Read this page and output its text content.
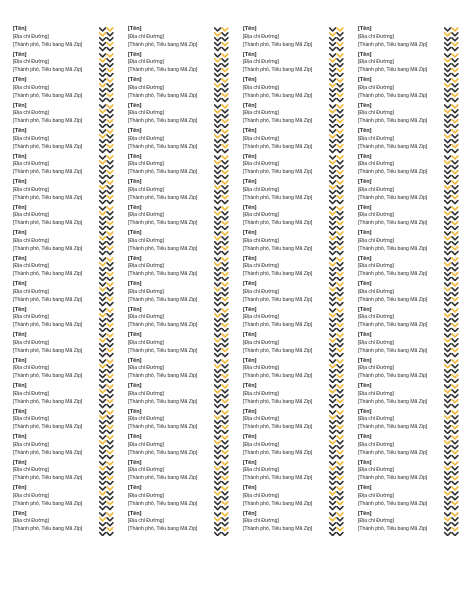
[Tên]
[Địa chỉ Đường]
[Thành phố, Tiểu bang Mã Zip]
[Tên]
[Địa chỉ Đường]
[Thành phố, Tiểu bang Mã Zip]
[Tên]
[Địa chỉ Đường]
[Thành phố, Tiểu bang Mã Zip]
[Tên]
[Địa chỉ Đường]
[Thành phố, Tiểu bang Mã Zip]
[Tên]
[Địa chỉ Đường]
[Thành phố, Tiểu bang Mã Zip]
[Tên]
[Địa chỉ Đường]
[Thành phố, Tiểu bang Mã Zip]
[Tên]
[Địa chỉ Đường]
[Thành phố, Tiểu bang Mã Zip]
[Tên]
[Địa chỉ Đường]
[Thành phố, Tiểu bang Mã Zip]
[Tên]
[Địa chỉ Đường]
[Thành phố, Tiểu bang Mã Zip]
[Tên]
[Địa chỉ Đường]
[Thành phố, Tiểu bang Mã Zip]
[Tên]
[Địa chỉ Đường]
[Thành phố, Tiểu bang Mã Zip]
[Tên]
[Địa chỉ Đường]
[Thành phố, Tiểu bang Mã Zip]
[Tên]
[Địa chỉ Đường]
[Thành phố, Tiểu bang Mã Zip]
[Tên]
[Địa chỉ Đường]
[Thành phố, Tiểu bang Mã Zip]
[Tên]
[Địa chỉ Đường]
[Thành phố, Tiểu bang Mã Zip]
[Tên]
[Địa chỉ Đường]
[Thành phố, Tiểu bang Mã Zip]
[Tên]
[Địa chỉ Đường]
[Thành phố, Tiểu bang Mã Zip]
[Tên]
[Địa chỉ Đường]
[Thành phố, Tiểu bang Mã Zip]
[Tên]
[Địa chỉ Đường]
[Thành phố, Tiểu bang Mã Zip]
[Tên]
[Địa chỉ Đường]
[Thành phố, Tiểu bang Mã Zip]
[Tên]
[Địa chỉ Đường]
[Thành phố, Tiểu bang Mã Zip]
[Tên]
[Địa chỉ Đường]
[Thành phố, Tiểu bang Mã Zip]
[Tên]
[Địa chỉ Đường]
[Thành phố, Tiểu bang Mã Zip]
[Tên]
[Địa chỉ Đường]
[Thành phố, Tiểu bang Mã Zip]
[Tên]
[Địa chỉ Đường]
[Thành phố, Tiểu bang Mã Zip]
[Tên]
[Địa chỉ Đường]
[Thành phố, Tiểu bang Mã Zip]
[Tên]
[Địa chỉ Đường]
[Thành phố, Tiểu bang Mã Zip]
[Tên]
[Địa chỉ Đường]
[Thành phố, Tiểu bang Mã Zip]
[Tên]
[Địa chỉ Đường]
[Thành phố, Tiểu bang Mã Zip]
[Tên]
[Địa chỉ Đường]
[Thành phố, Tiểu bang Mã Zip]
[Tên]
[Địa chỉ Đường]
[Thành phố, Tiểu bang Mã Zip]
[Tên]
[Địa chỉ Đường]
[Thành phố, Tiểu bang Mã Zip]
[Tên]
[Địa chỉ Đường]
[Thành phố, Tiểu bang Mã Zip]
[Tên]
[Địa chỉ Đường]
[Thành phố, Tiểu bang Mã Zip]
[Tên]
[Địa chỉ Đường]
[Thành phố, Tiểu bang Mã Zip]
[Tên]
[Địa chỉ Đường]
[Thành phố, Tiểu bang Mã Zip]
[Tên]
[Địa chỉ Đường]
[Thành phố, Tiểu bang Mã Zip]
[Tên]
[Địa chỉ Đường]
[Thành phố, Tiểu bang Mã Zip]
[Tên]
[Địa chỉ Đường]
[Thành phố, Tiểu bang Mã Zip]
[Tên]
[Địa chỉ Đường]
[Thành phố, Tiểu bang Mã Zip]
[Tên]
[Địa chỉ Đường]
[Thành phố, Tiểu bang Mã Zip]
[Tên]
[Địa chỉ Đường]
[Thành phố, Tiểu bang Mã Zip]
[Tên]
[Địa chỉ Đường]
[Thành phố, Tiểu bang Mã Zip]
[Tên]
[Địa chỉ Đường]
[Thành phố, Tiểu bang Mã Zip]
[Tên]
[Địa chỉ Đường]
[Thành phố, Tiểu bang Mã Zip]
[Tên]
[Địa chỉ Đường]
[Thành phố, Tiểu bang Mã Zip]
[Tên]
[Địa chỉ Đường]
[Thành phố, Tiểu bang Mã Zip]
[Tên]
[Địa chỉ Đường]
[Thành phố, Tiểu bang Mã Zip]
[Tên]
[Địa chỉ Đường]
[Thành phố, Tiểu bang Mã Zip]
[Tên]
[Địa chỉ Đường]
[Thành phố, Tiểu bang Mã Zip]
[Tên]
[Địa chỉ Đường]
[Thành phố, Tiểu bang Mã Zip]
[Tên]
[Địa chỉ Đường]
[Thành phố, Tiểu bang Mã Zip]
[Tên]
[Địa chỉ Đường]
[Thành phố, Tiểu bang Mã Zip]
[Tên]
[Địa chỉ Đường]
[Thành phố, Tiểu bang Mã Zip]
[Tên]
[Địa chỉ Đường]
[Thành phố, Tiểu bang Mã Zip]
[Tên]
[Địa chỉ Đường]
[Thành phố, Tiểu bang Mã Zip]
[Tên]
[Địa chỉ Đường]
[Thành phố, Tiểu bang Mã Zip]
[Tên]
[Địa chỉ Đường]
[Thành phố, Tiểu bang Mã Zip]
[Tên]
[Địa chỉ Đường]
[Thành phố, Tiểu bang Mã Zip]
[Tên]
[Địa chỉ Đường]
[Thành phố, Tiểu bang Mã Zip]
[Tên]
[Địa chỉ Đường]
[Thành phố, Tiểu bang Mã Zip]
[Tên]
[Địa chỉ Đường]
[Thành phố, Tiểu bang Mã Zip]
[Tên]
[Địa chỉ Đường]
[Thành phố, Tiểu bang Mã Zip]
[Tên]
[Địa chỉ Đường]
[Thành phố, Tiểu bang Mã Zip]
[Tên]
[Địa chỉ Đường]
[Thành phố, Tiểu bang Mã Zip]
[Tên]
[Địa chỉ Đường]
[Thành phố, Tiểu bang Mã Zip]
[Tên]
[Địa chỉ Đường]
[Thành phố, Tiểu bang Mã Zip]
[Tên]
[Địa chỉ Đường]
[Thành phố, Tiểu bang Mã Zip]
[Tên]
[Địa chỉ Đường]
[Thành phố, Tiểu bang Mã Zip]
[Tên]
[Địa chỉ Đường]
[Thành phố, Tiểu bang Mã Zip]
[Tên]
[Địa chỉ Đường]
[Thành phố, Tiểu bang Mã Zip]
[Tên]
[Địa chỉ Đường]
[Thành phố, Tiểu bang Mã Zip]
[Tên]
[Địa chỉ Đường]
[Thành phố, Tiểu bang Mã Zip]
[Tên]
[Địa chỉ Đường]
[Thành phố, Tiểu bang Mã Zip]
[Tên]
[Địa chỉ Đường]
[Thành phố, Tiểu bang Mã Zip]
[Tên]
[Địa chỉ Đường]
[Thành phố, Tiểu bang Mã Zip]
[Tên]
[Địa chỉ Đường]
[Thành phố, Tiểu bang Mã Zip]
[Tên]
[Địa chỉ Đường]
[Thành phố, Tiểu bang Mã Zip]
[Tên]
[Địa chỉ Đường]
[Thành phố, Tiểu bang Mã Zip]
[Tên]
[Địa chỉ Đường]
[Thành phố, Tiểu bang Mã Zip]
